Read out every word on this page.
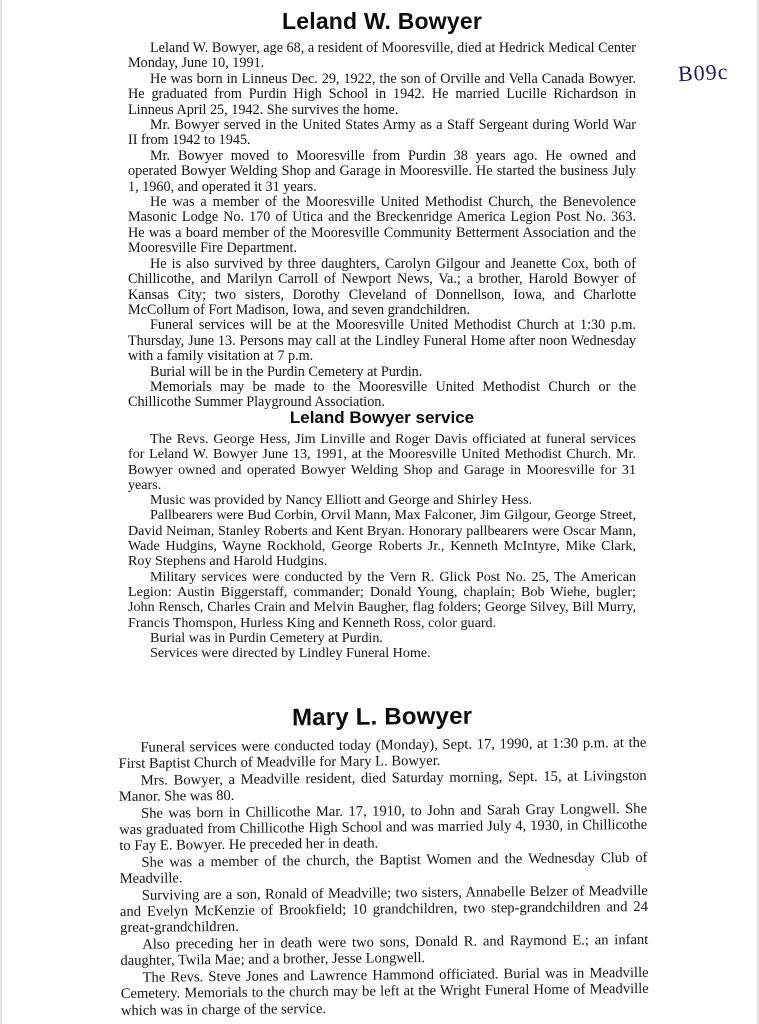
Leland W. Bowyer

Leland W. Bowyer, age 68, a resident of Mooresville, died at Hedrick Medical Center Monday, June 10, 1991.

He was born in Linneus Dec. 29, 1922, the son of Orville and Vella Canada Bowyer. He graduated from Purdin High School in 1942. He married Lucille Richardson in Linneus April 25, 1942. She survives the home.

Mr. Bowyer served in the United States Army as a Staff Sergeant during World War II from 1942 to 1945.

Mr. Bowyer moved to Mooresville from Purdin 38 years ago. He owned and operated Bowyer Welding Shop and Garage in Mooresville. He started the business July 1, 1960, and operated it 31 years.

He was a member of the Mooresville United Methodist Church, the Benevolence Masonic Lodge No. 170 of Utica and the Breckenridge America Legion Post No. 363. He was a board member of the Mooresville Community Betterment Association and the Mooresville Fire Department.

He is also survived by three daughters, Carolyn Gilgour and Jeanette Cox, both of Chillicothe, and Marilyn Carroll of Newport News, Va.; a brother, Harold Bowyer of Kansas City; two sisters, Dorothy Cleveland of Donnellson, Iowa, and Charlotte McCollum of Fort Madison, Iowa, and seven grandchildren.

Funeral services will be at the Mooresville United Methodist Church at 1:30 p.m. Thursday, June 13. Persons may call at the Lindley Funeral Home after noon Wednesday with a family visitation at 7 p.m.

Burial will be in the Purdin Cemetery at Purdin.

Memorials may be made to the Mooresville United Methodist Church or the Chillicothe Summer Playground Association.

Leland Bowyer service

The Revs. George Hess, Jim Linville and Roger Davis officiated at funeral services for Leland W. Bowyer June 13, 1991, at the Mooresville United Methodist Church. Mr. Bowyer owned and operated Bowyer Welding Shop and Garage in Mooresville for 31 years.

Music was provided by Nancy Elliott and George and Shirley Hess.

Pallbearers were Bud Corbin, Orvil Mann, Max Falconer, Jim Gilgour, George Street, David Neiman, Stanley Roberts and Kent Bryan. Honorary pallbearers were Oscar Mann, Wade Hudgins, Wayne Rockhold, George Roberts Jr., Kenneth McIntyre, Mike Clark, Roy Stephens and Harold Hudgins.

Military services were conducted by the Vern R. Glick Post No. 25, The American Legion: Austin Biggerstaff, commander; Donald Young, chaplain; Bob Wiehe, bugler; John Rensch, Charles Crain and Melvin Baugher, flag folders; George Silvey, Bill Murry, Francis Thomspon, Hurless King and Kenneth Ross, color guard.

Burial was in Purdin Cemetery at Purdin.

Services were directed by Lindley Funeral Home.

Mary L. Bowyer

Funeral services were conducted today (Monday), Sept. 17, 1990, at 1:30 p.m. at the First Baptist Church of Meadville for Mary L. Bowyer.

Mrs. Bowyer, a Meadville resident, died Saturday morning, Sept. 15, at Livingston Manor. She was 80.

She was born in Chillicothe Mar. 17, 1910, to John and Sarah Gray Longwell. She was graduated from Chillicothe High School and was married July 4, 1930, in Chillicothe to Fay E. Bowyer. He preceded her in death.

She was a member of the church, the Baptist Women and the Wednesday Club of Meadville.

Surviving are a son, Ronald of Meadville; two sisters, Annabelle Belzer of Meadville and Evelyn McKenzie of Brookfield; 10 grandchildren, two step-grandchildren and 24 great-grandchildren.

Also preceding her in death were two sons, Donald R. and Raymond E.; an infant daughter, Twila Mae; and a brother, Jesse Longwell.

The Revs. Steve Jones and Lawrence Hammond officiated. Burial was in Meadville Cemetery. Memorials to the church may be left at the Wright Funeral Home of Meadville which was in charge of the service.

B09c
